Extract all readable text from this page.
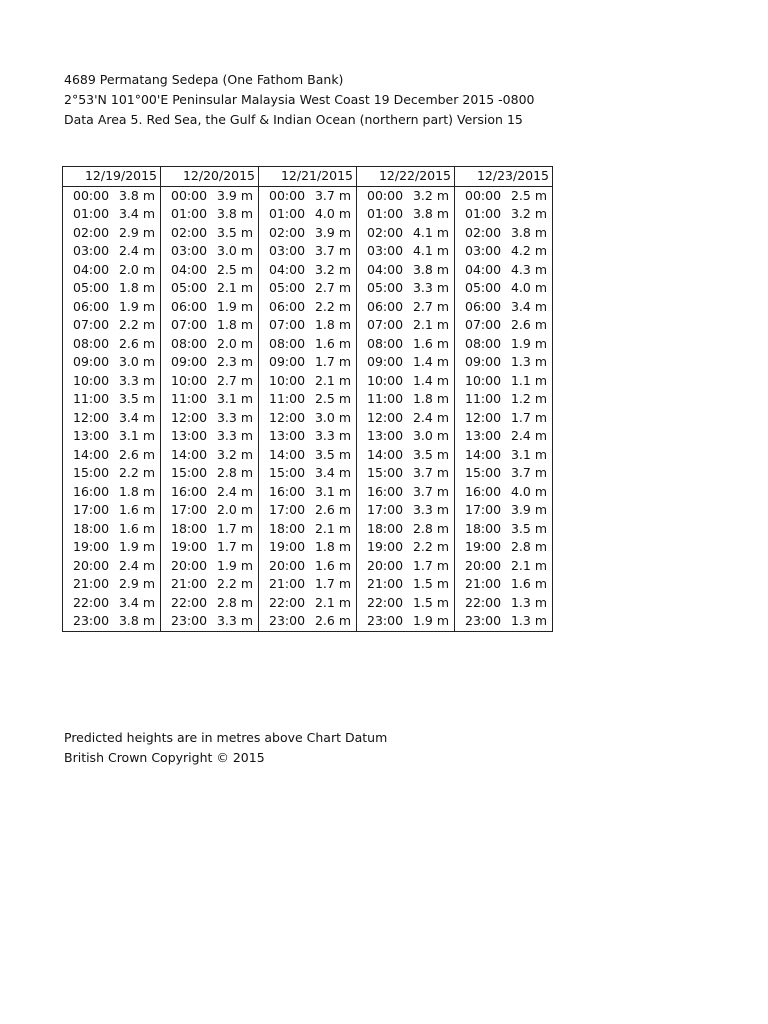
4689 Permatang Sedepa (One Fathom Bank)
2°53'N 101°00'E Peninsular Malaysia West Coast 19 December 2015 -0800
Data Area 5. Red Sea, the Gulf & Indian Ocean (northern part) Version 15
12/19/2015		12/20/2015		12/21/2015		12/22/2015		12/23/2015	
00:00	3.8 m	00:00	3.9 m	00:00	3.7 m	00:00	3.2 m	00:00	2.5 m
01:00	3.4 m	01:00	3.8 m	01:00	4.0 m	01:00	3.8 m	01:00	3.2 m
02:00	2.9 m	02:00	3.5 m	02:00	3.9 m	02:00	4.1 m	02:00	3.8 m
03:00	2.4 m	03:00	3.0 m	03:00	3.7 m	03:00	4.1 m	03:00	4.2 m
04:00	2.0 m	04:00	2.5 m	04:00	3.2 m	04:00	3.8 m	04:00	4.3 m
05:00	1.8 m	05:00	2.1 m	05:00	2.7 m	05:00	3.3 m	05:00	4.0 m
06:00	1.9 m	06:00	1.9 m	06:00	2.2 m	06:00	2.7 m	06:00	3.4 m
07:00	2.2 m	07:00	1.8 m	07:00	1.8 m	07:00	2.1 m	07:00	2.6 m
08:00	2.6 m	08:00	2.0 m	08:00	1.6 m	08:00	1.6 m	08:00	1.9 m
09:00	3.0 m	09:00	2.3 m	09:00	1.7 m	09:00	1.4 m	09:00	1.3 m
10:00	3.3 m	10:00	2.7 m	10:00	2.1 m	10:00	1.4 m	10:00	1.1 m
11:00	3.5 m	11:00	3.1 m	11:00	2.5 m	11:00	1.8 m	11:00	1.2 m
12:00	3.4 m	12:00	3.3 m	12:00	3.0 m	12:00	2.4 m	12:00	1.7 m
13:00	3.1 m	13:00	3.3 m	13:00	3.3 m	13:00	3.0 m	13:00	2.4 m
14:00	2.6 m	14:00	3.2 m	14:00	3.5 m	14:00	3.5 m	14:00	3.1 m
15:00	2.2 m	15:00	2.8 m	15:00	3.4 m	15:00	3.7 m	15:00	3.7 m
16:00	1.8 m	16:00	2.4 m	16:00	3.1 m	16:00	3.7 m	16:00	4.0 m
17:00	1.6 m	17:00	2.0 m	17:00	2.6 m	17:00	3.3 m	17:00	3.9 m
18:00	1.6 m	18:00	1.7 m	18:00	2.1 m	18:00	2.8 m	18:00	3.5 m
19:00	1.9 m	19:00	1.7 m	19:00	1.8 m	19:00	2.2 m	19:00	2.8 m
20:00	2.4 m	20:00	1.9 m	20:00	1.6 m	20:00	1.7 m	20:00	2.1 m
21:00	2.9 m	21:00	2.2 m	21:00	1.7 m	21:00	1.5 m	21:00	1.6 m
22:00	3.4 m	22:00	2.8 m	22:00	2.1 m	22:00	1.5 m	22:00	1.3 m
23:00	3.8 m	23:00	3.3 m	23:00	2.6 m	23:00	1.9 m	23:00	1.3 m
Predicted heights are in metres above Chart Datum
British Crown Copyright © 2015
